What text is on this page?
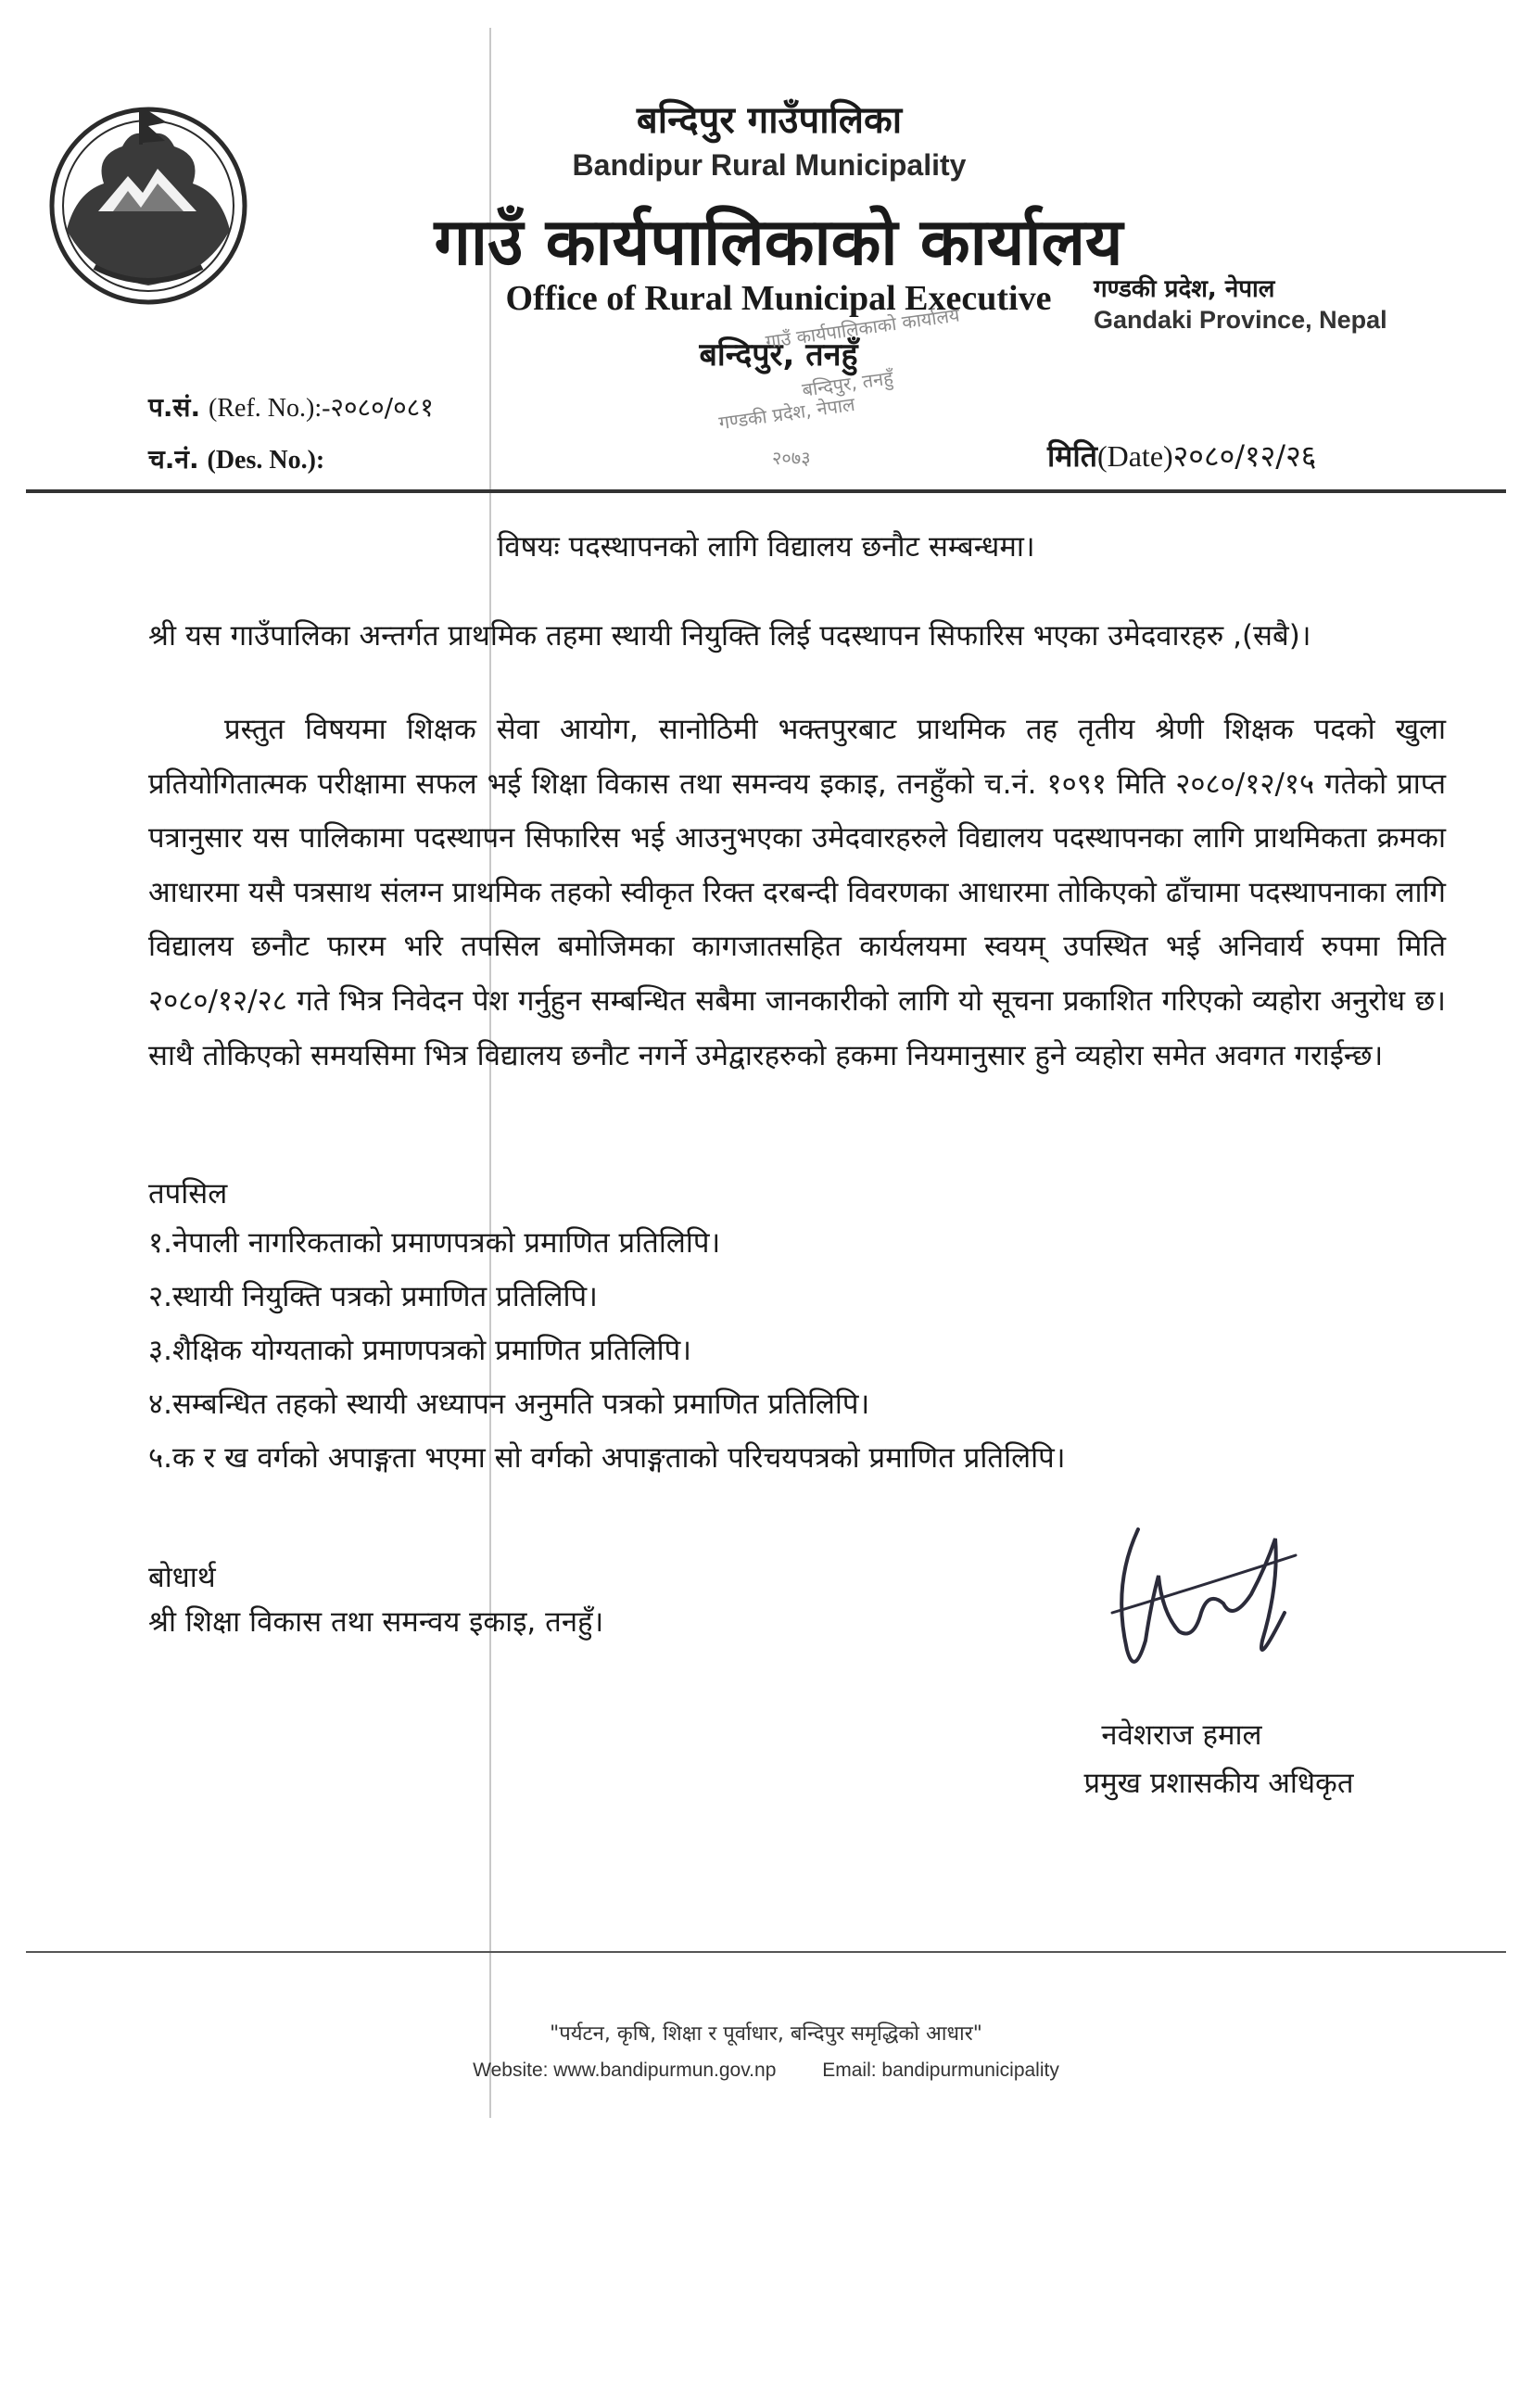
बन्दिपुर गाउँपालिका
Bandipur Rural Municipality
गाउँ कार्यपालिकाको कार्यालय
Office of Rural Municipal Executive
बन्दिपुर, तनहुँ
गण्डकी प्रदेश, नेपाल
Gandaki Province, Nepal
गाउँ कार्यपालिकाको कार्यालय
बन्दिपुर, तनहुँ
गण्डकी प्रदेश, नेपाल
२०७३
प.सं. (Ref. No.):-२०८०/०८१
च.नं. (Des. No.):	मिति(Date)२०८०/१२/२६
विषयः पदस्थापनको लागि विद्यालय छनौट सम्बन्धमा।
श्री यस गाउँपालिका अन्तर्गत प्राथमिक तहमा स्थायी नियुक्ति लिई पदस्थापन सिफारिस भएका उमेदवारहरु ,(सबै)।
प्रस्तुत विषयमा शिक्षक सेवा आयोग, सानोठिमी भक्तपुरबाट प्राथमिक तह तृतीय श्रेणी शिक्षक पदको खुला प्रतियोगितात्मक परीक्षामा सफल भई शिक्षा विकास तथा समन्वय इकाइ, तनहुँको च.नं. १०९१ मिति २०८०/१२/१५ गतेको प्राप्त पत्रानुसार यस पालिकामा पदस्थापन सिफारिस भई आउनुभएका उमेदवारहरुले विद्यालय पदस्थापनका लागि प्राथमिकता क्रमका आधारमा यसै पत्रसाथ संलग्न प्राथमिक तहको स्वीकृत रिक्त दरबन्दी विवरणका आधारमा तोकिएको ढाँचामा पदस्थापनाका लागि विद्यालय छनौट फारम भरि तपसिल बमोजिमका कागजातसहित कार्यलयमा स्वयम् उपस्थित भई अनिवार्य रुपमा मिति २०८०/१२/२८ गते भित्र निवेदन पेश गर्नुहुन सम्बन्धित सबैमा जानकारीको लागि यो सूचना प्रकाशित गरिएको व्यहोरा अनुरोध छ।साथै तोकिएको समयसिमा भित्र विद्यालय छनौट नगर्ने उमेद्वारहरुको हकमा नियमानुसार हुने व्यहोरा समेत अवगत गराईन्छ।
तपसिल
१.नेपाली नागरिकताको प्रमाणपत्रको प्रमाणित प्रतिलिपि।
२.स्थायी नियुक्ति पत्रको प्रमाणित प्रतिलिपि।
३.शैक्षिक योग्यताको प्रमाणपत्रको प्रमाणित प्रतिलिपि।
४.सम्बन्धित तहको स्थायी अध्यापन अनुमति पत्रको प्रमाणित प्रतिलिपि।
५.क र ख वर्गको अपाङ्गता भएमा सो वर्गको अपाङ्गताको परिचयपत्रको प्रमाणित प्रतिलिपि।
बोधार्थ
श्री शिक्षा विकास तथा समन्वय इकाइ, तनहुँ।
नवेशराज हमाल
प्रमुख प्रशासकीय अधिकृत
"पर्यटन, कृषि, शिक्षा र पूर्वाधार, बन्दिपुर समृद्धिको आधार"
Website: www.bandipurmun.gov.np Email: bandipurmunicipality
